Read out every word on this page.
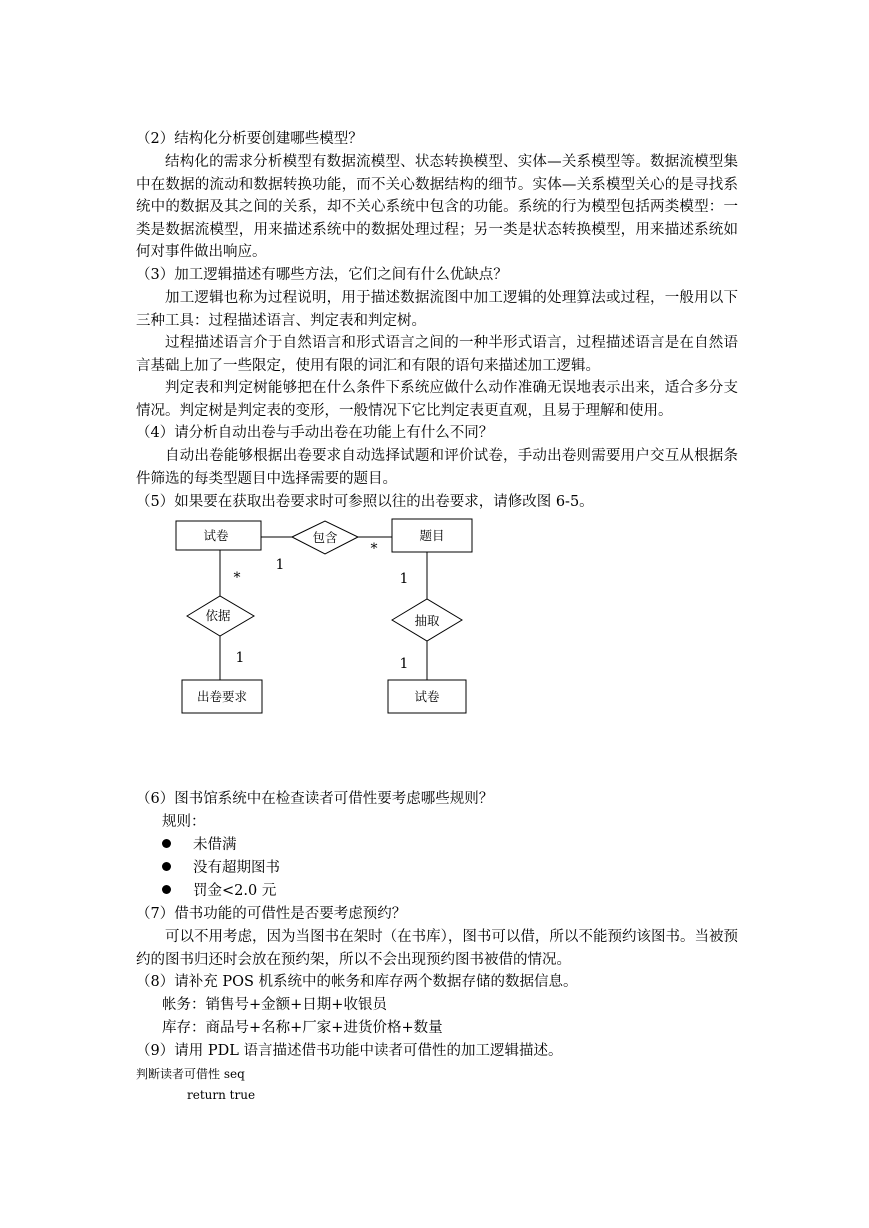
（2）结构化分析要创建哪些模型？
结构化的需求分析模型有数据流模型、状态转换模型、实体—关系模型等。数据流模型集中在数据的流动和数据转换功能，而不关心数据结构的细节。实体—关系模型关心的是寻找系统中的数据及其之间的关系，却不关心系统中包含的功能。系统的行为模型包括两类模型：一类是数据流模型，用来描述系统中的数据处理过程；另一类是状态转换模型，用来描述系统如何对事件做出响应。
（3）加工逻辑描述有哪些方法，它们之间有什么优缺点？
加工逻辑也称为过程说明，用于描述数据流图中加工逻辑的处理算法或过程，一般用以下三种工具：过程描述语言、判定表和判定树。
过程描述语言介于自然语言和形式语言之间的一种半形式语言，过程描述语言是在自然语言基础上加了一些限定，使用有限的词汇和有限的语句来描述加工逻辑。
判定表和判定树能够把在什么条件下系统应做什么动作准确无误地表示出来，适合多分支情况。判定树是判定表的变形，一般情况下它比判定表更直观，且易于理解和使用。
（4）请分析自动出卷与手动出卷在功能上有什么不同？
自动出卷能够根据出卷要求自动选择试题和评价试卷，手动出卷则需要用户交互从根据条件筛选的每类型题目中选择需要的题目。
（5）如果要在获取出卷要求时可参照以往的出卷要求，请修改图 6-5。
试卷	题目
出卷要求	试卷
包含
依据	抽取
1
*
*
1
1
1
（6）图书馆系统中在检查读者可借性要考虑哪些规则？
规则：
未借满
没有超期图书
罚金<2.0 元
（7）借书功能的可借性是否要考虑预约？
可以不用考虑，因为当图书在架时（在书库），图书可以借，所以不能预约该图书。当被预约的图书归还时会放在预约架，所以不会出现预约图书被借的情况。
（8）请补充 POS 机系统中的帐务和库存两个数据存储的数据信息。
帐务：销售号+金额+日期+收银员
库存：商品号+名称+厂家+进货价格+数量
（9）请用 PDL 语言描述借书功能中读者可借性的加工逻辑描述。
判断读者可借性 seq
return true
